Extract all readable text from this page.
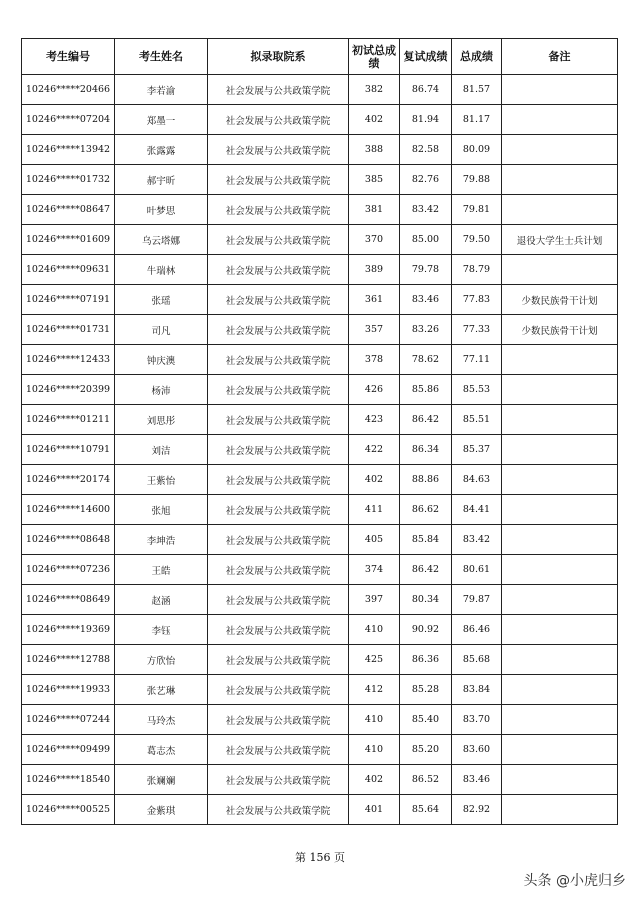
考生编号	考生姓名	拟录取院系	初试总成绩	复试成绩	总成绩	备注
10246*****20466	李若渝	社会发展与公共政策学院	382	86.74	81.57	
10246*****07204	郑墨一	社会发展与公共政策学院	402	81.94	81.17	
10246*****13942	张露露	社会发展与公共政策学院	388	82.58	80.09	
10246*****01732	郝宇昕	社会发展与公共政策学院	385	82.76	79.88	
10246*****08647	叶梦思	社会发展与公共政策学院	381	83.42	79.81	
10246*****01609	乌云塔娜	社会发展与公共政策学院	370	85.00	79.50	退役大学生士兵计划
10246*****09631	牛瑞林	社会发展与公共政策学院	389	79.78	78.79	
10246*****07191	张瑶	社会发展与公共政策学院	361	83.46	77.83	少数民族骨干计划
10246*****01731	司凡	社会发展与公共政策学院	357	83.26	77.33	少数民族骨干计划
10246*****12433	钟庆澳	社会发展与公共政策学院	378	78.62	77.11	
10246*****20399	杨沛	社会发展与公共政策学院	426	85.86	85.53	
10246*****01211	刘思彤	社会发展与公共政策学院	423	86.42	85.51	
10246*****10791	刘洁	社会发展与公共政策学院	422	86.34	85.37	
10246*****20174	王紫怡	社会发展与公共政策学院	402	88.86	84.63	
10246*****14600	张旭	社会发展与公共政策学院	411	86.62	84.41	
10246*****08648	李坤浩	社会发展与公共政策学院	405	85.84	83.42	
10246*****07236	王皓	社会发展与公共政策学院	374	86.42	80.61	
10246*****08649	赵涵	社会发展与公共政策学院	397	80.34	79.87	
10246*****19369	李钰	社会发展与公共政策学院	410	90.92	86.46	
10246*****12788	方欣怡	社会发展与公共政策学院	425	86.36	85.68	
10246*****19933	张艺琳	社会发展与公共政策学院	412	85.28	83.84	
10246*****07244	马玲杰	社会发展与公共政策学院	410	85.40	83.70	
10246*****09499	葛志杰	社会发展与公共政策学院	410	85.20	83.60	
10246*****18540	张斓斓	社会发展与公共政策学院	402	86.52	83.46	
10246*****00525	金紫琪	社会发展与公共政策学院	401	85.64	82.92	
第 156 页
头条 @小虎归乡
